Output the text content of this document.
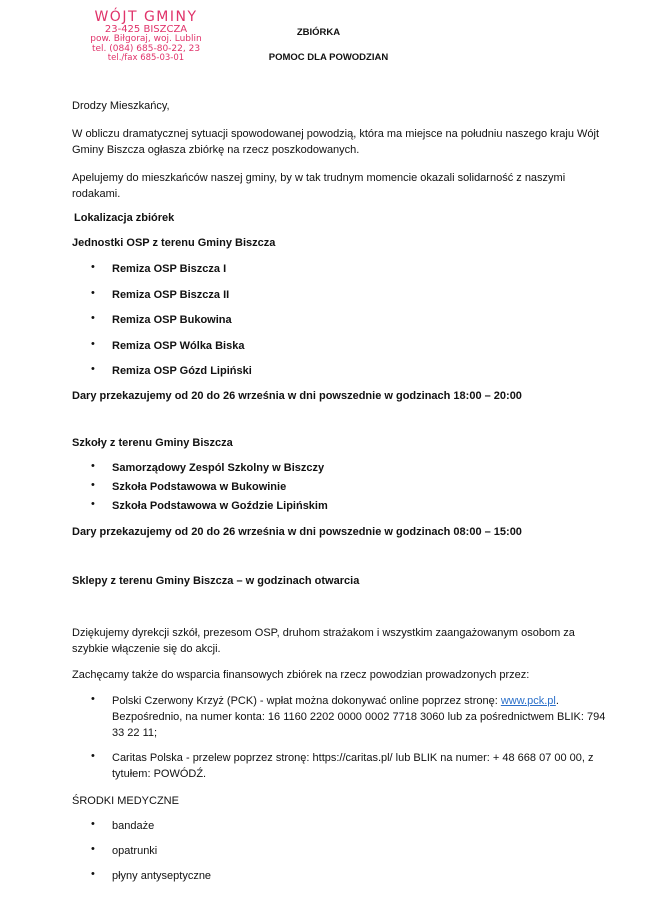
WÓJT GMINY
23-425 BISZCZA
pow. Biłgoraj, woj. Lublin
tel. (084) 685-80-22, 23
tel./fax 685-03-01
ZBIÓRKA
POMOC DLA POWODZIAN
Drodzy Mieszkańcy,
W obliczu dramatycznej sytuacji spowodowanej powodzią, która ma miejsce na południu naszego kraju Wójt Gminy Biszcza ogłasza zbiórkę na rzecz poszkodowanych.
Apelujemy do mieszkańców naszej gminy, by w tak trudnym momencie okazali solidarność z naszymi rodakami.
Lokalizacja zbiórek
Jednostki OSP z terenu Gminy Biszcza
• Remiza OSP Biszcza I
• Remiza OSP Biszcza II
• Remiza OSP Bukowina
• Remiza OSP Wólka Biska
• Remiza OSP Gózd Lipiński
Dary przekazujemy od 20 do 26 września w dni powszednie w godzinach 18:00 – 20:00
Szkoły z terenu Gminy Biszcza
• Samorządowy Zespól Szkolny w Biszczy
• Szkoła Podstawowa w Bukowinie
• Szkoła Podstawowa w Goździe Lipińskim
Dary przekazujemy od 20 do 26 września w dni powszednie w godzinach 08:00 – 15:00
Sklepy z terenu Gminy Biszcza – w godzinach otwarcia
Dziękujemy dyrekcji szkół, prezesom OSP, druhom strażakom i wszystkim zaangażowanym osobom za szybkie włączenie się do akcji.
Zachęcamy także do wsparcia finansowych zbiórek na rzecz powodzian prowadzonych przez:
• Polski Czerwony Krzyż (PCK) - wpłat można dokonywać online poprzez stronę: www.pck.pl. Bezpośrednio, na numer konta: 16 1160 2202 0000 0002 7718 3060 lub za pośrednictwem BLIK: 794 33 22 11;
• Caritas Polska - przelew poprzez stronę: https://caritas.pl/ lub BLIK na numer: + 48 668 07 00 00, z tytułem: POWÓDŹ.
ŚRODKI MEDYCZNE
• bandaże
• opatrunki
• płyny antyseptyczne
